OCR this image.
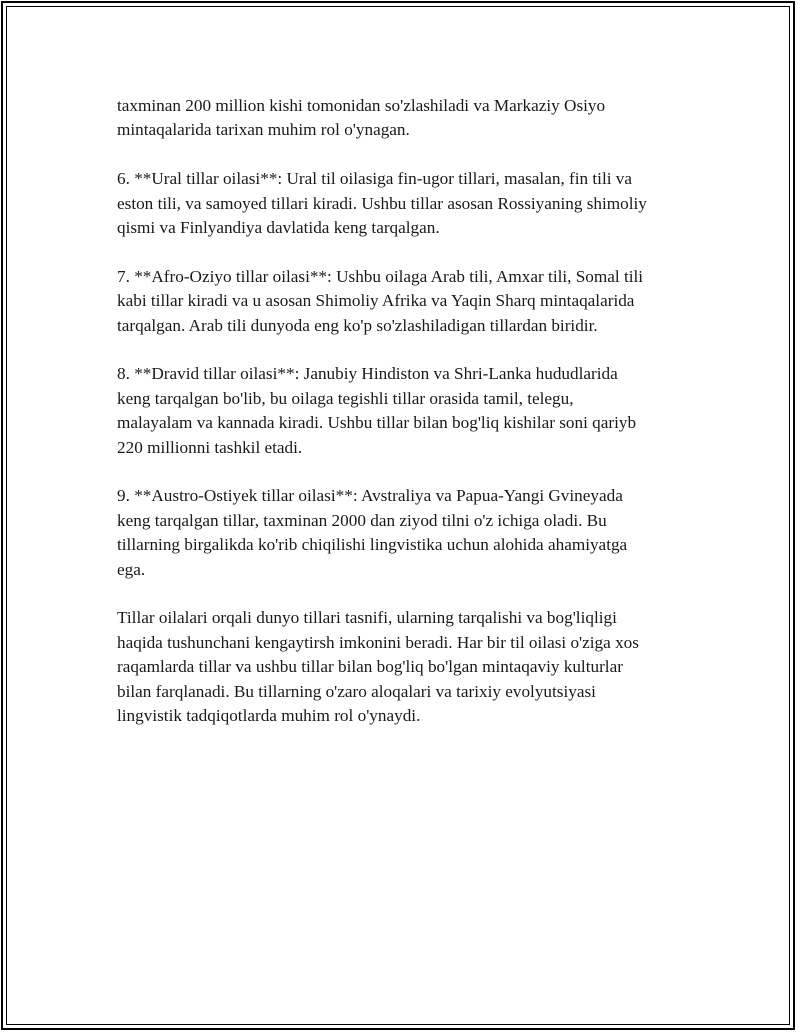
taxminan 200 million kishi tomonidan so'zlashiladi va Markaziy Osiyo
mintaqalarida tarixan muhim rol o'ynagan.

6. **Ural tillar oilasi**: Ural til oilasiga fin-ugor tillari, masalan, fin tili va
eston tili, va samoyed tillari kiradi. Ushbu tillar asosan Rossiyaning shimoliy
qismi va Finlyandiya davlatida keng tarqalgan.

7. **Afro-Oziyo tillar oilasi**: Ushbu oilaga Arab tili, Amxar tili, Somal tili
kabi tillar kiradi va u asosan Shimoliy Afrika va Yaqin Sharq mintaqalarida
tarqalgan. Arab tili dunyoda eng ko'p so'zlashiladigan tillardan biridir.

8. **Dravid tillar oilasi**: Janubiy Hindiston va Shri-Lanka hududlarida
keng tarqalgan bo'lib, bu oilaga tegishli tillar orasida tamil, telegu,
malayalam va kannada kiradi. Ushbu tillar bilan bog'liq kishilar soni qariyb
220 millionni tashkil etadi.

9. **Austro-Ostiyek tillar oilasi**: Avstraliya va Papua-Yangi Gvineyada
keng tarqalgan tillar, taxminan 2000 dan ziyod tilni o'z ichiga oladi. Bu
tillarning birgalikda ko'rib chiqilishi lingvistika uchun alohida ahamiyatga
ega.

Tillar oilalari orqali dunyo tillari tasnifi, ularning tarqalishi va bog'liqligi
haqida tushunchani kengaytirsh imkonini beradi. Har bir til oilasi o'ziga xos
raqamlarda tillar va ushbu tillar bilan bog'liq bo'lgan mintaqaviy kulturlar
bilan farqlanadi. Bu tillarning o'zaro aloqalari va tarixiy evolyutsiyasi
lingvistik tadqiqotlarda muhim rol o'ynaydi.
